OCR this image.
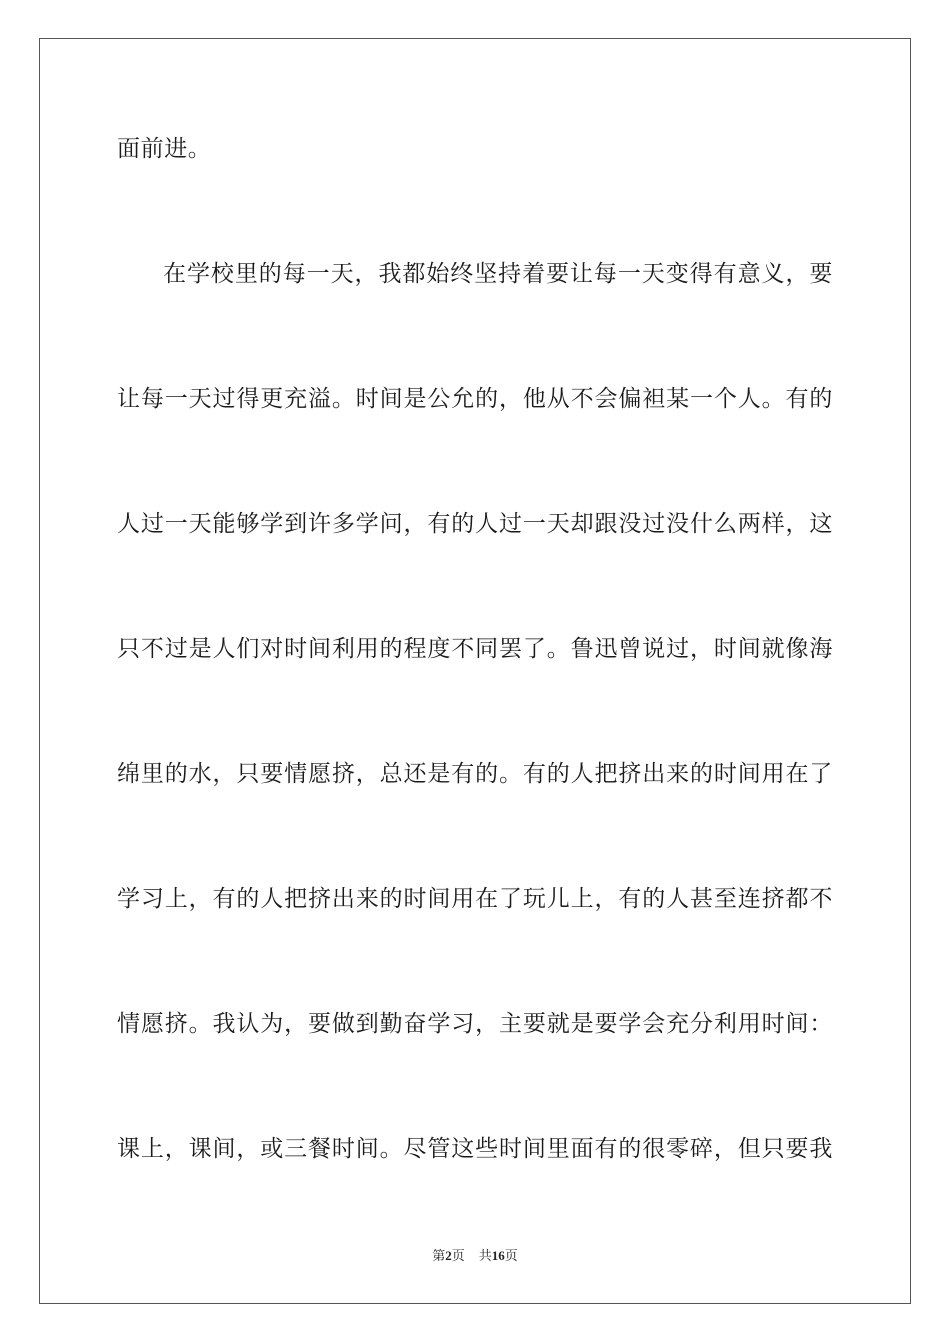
面前进。
在学校里的每一天，我都始终坚持着要让每一天变得有意义，要
让每一天过得更充溢。时间是公允的，他从不会偏袒某一个人。有的
人过一天能够学到许多学问，有的人过一天却跟没过没什么两样，这
只不过是人们对时间利用的程度不同罢了。鲁迅曾说过，时间就像海
绵里的水，只要情愿挤，总还是有的。有的人把挤出来的时间用在了
学习上，有的人把挤出来的时间用在了玩儿上，有的人甚至连挤都不
情愿挤。我认为，要做到勤奋学习，主要就是要学会充分利用时间：
课上，课间，或三餐时间。尽管这些时间里面有的很零碎，但只要我
第2页 共16页
